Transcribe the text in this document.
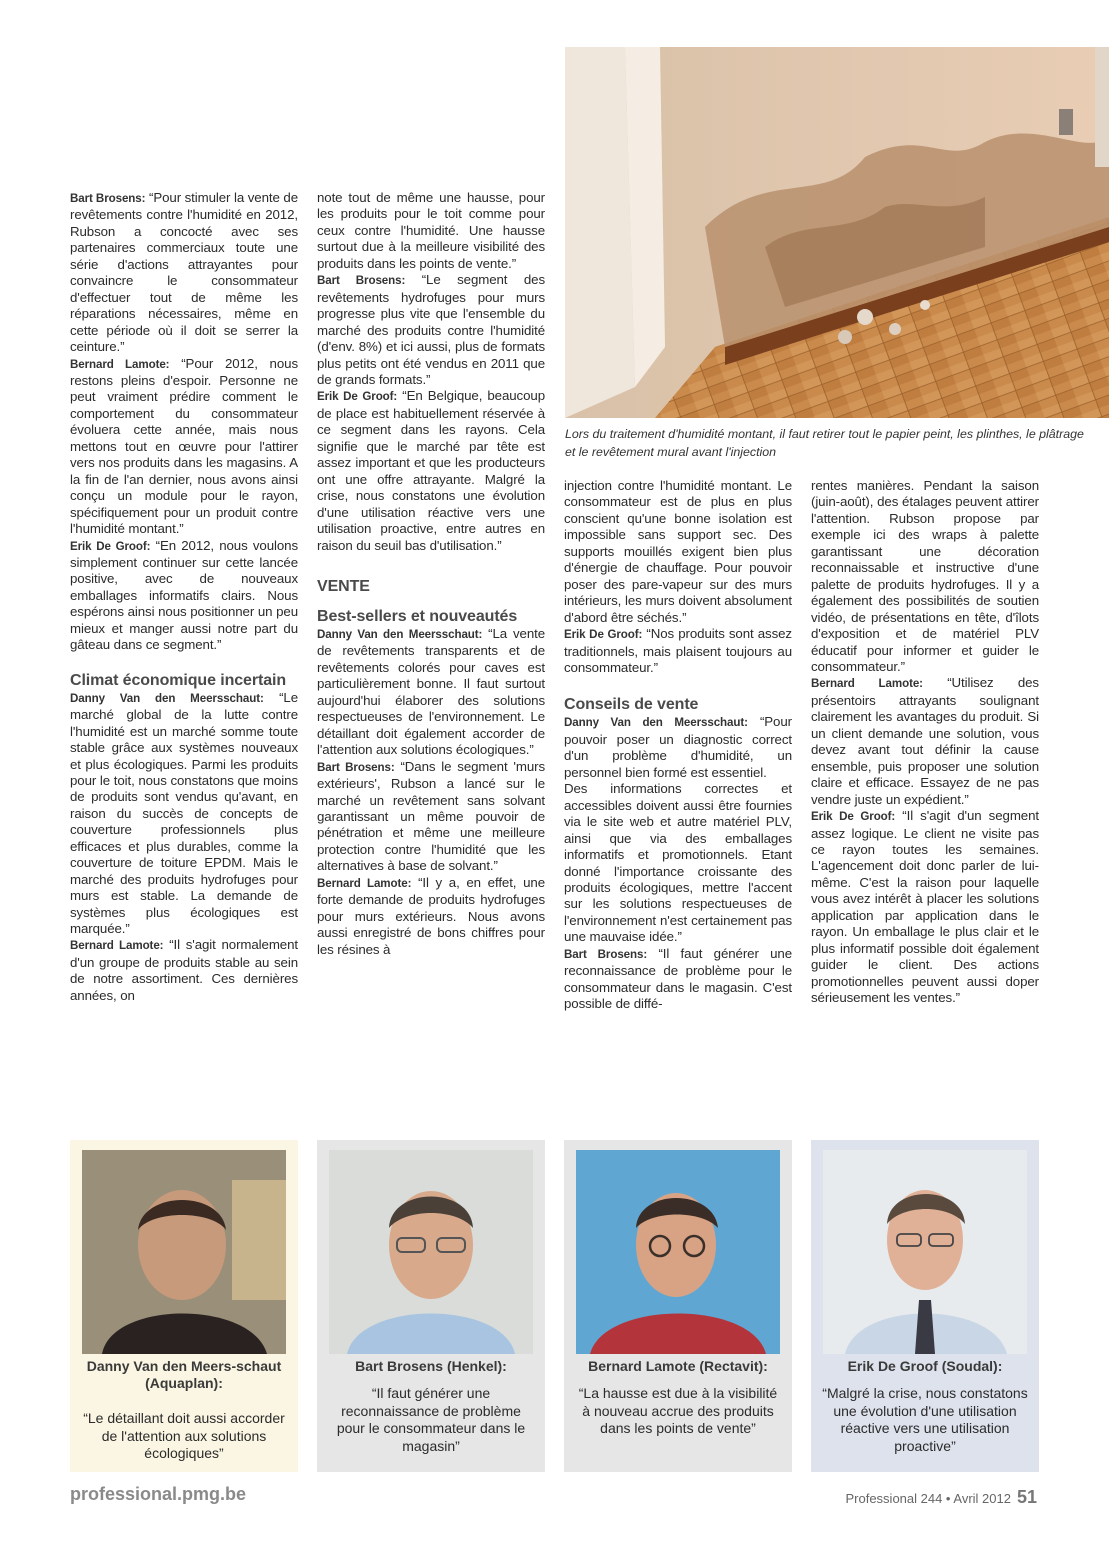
Bart Brosens: “Pour stimuler la vente de revêtements contre l'humidité en 2012, Rubson a concocté avec ses partenaires commerciaux toute une série d'actions attrayantes pour convaincre le consommateur d'effectuer tout de même les réparations nécessaires, même en cette période où il doit se serrer la ceinture.”

Bernard Lamote: “Pour 2012, nous restons pleins d'espoir. Personne ne peut vraiment prédire comment le comportement du consommateur évoluera cette année, mais nous mettons tout en œuvre pour l'attirer vers nos produits dans les magasins. A la fin de l'an dernier, nous avons ainsi conçu un module pour le rayon, spécifiquement pour un produit contre l'humidité montant.”

Erik De Groof: “En 2012, nous voulons simplement continuer sur cette lancée positive, avec de nouveaux emballages informatifs clairs. Nous espérons ainsi nous positionner un peu mieux et manger aussi notre part du gâteau dans ce segment.”

Climat économique incertain

Danny Van den Meersschaut: “Le marché global de la lutte contre l'humidité est un marché somme toute stable grâce aux systèmes nouveaux et plus écologiques. Parmi les produits pour le toit, nous constatons que moins de produits sont vendus qu'avant, en raison du succès de concepts de couverture professionnels plus efficaces et plus durables, comme la couverture de toiture EPDM. Mais le marché des produits hydrofuges pour murs est stable. La demande de systèmes plus écologiques est marquée.”

Bernard Lamote: “Il s'agit normalement d'un groupe de produits stable au sein de notre assortiment. Ces dernières années, on

note tout de même une hausse, pour les produits pour le toit comme pour ceux contre l'humidité. Une hausse surtout due à la meilleure visibilité des produits dans les points de vente.”

Bart Brosens: “Le segment des revêtements hydrofuges pour murs progresse plus vite que l'ensemble du marché des produits contre l'humidité (d'env. 8%) et ici aussi, plus de formats plus petits ont été vendus en 2011 que de grands formats.”

Erik De Groof: “En Belgique, beaucoup de place est habituellement réservée à ce segment dans les rayons. Cela signifie que le marché par tête est assez important et que les producteurs ont une offre attrayante. Malgré la crise, nous constatons une évolution d'une utilisation réactive vers une utilisation proactive, entre autres en raison du seuil bas d'utilisation.”

VENTE
Best-sellers et nouveautés

Danny Van den Meersschaut: “La vente de revêtements transparents et de revêtements colorés pour caves est particulièrement bonne. Il faut surtout aujourd'hui élaborer des solutions respectueuses de l'environnement. Le détaillant doit également accorder de l'attention aux solutions écologiques.”

Bart Brosens: “Dans le segment 'murs extérieurs', Rubson a lancé sur le marché un revêtement sans solvant garantissant un même pouvoir de pénétration et même une meilleure protection contre l'humidité que les alternatives à base de solvant.”

Bernard Lamote: “Il y a, en effet, une forte demande de produits hydrofuges pour murs extérieurs. Nous avons aussi enregistré de bons chiffres pour les résines à

Lors du traitement d'humidité montant, il faut retirer tout le papier peint, les plinthes, le plâtrage et le revêtement mural avant l'injection

injection contre l'humidité montant. Le consommateur est de plus en plus conscient qu'une bonne isolation est impossible sans support sec. Des supports mouillés exigent bien plus d'énergie de chauffage. Pour pouvoir poser des pare-vapeur sur des murs intérieurs, les murs doivent absolument d'abord être séchés.”

Erik De Groof: “Nos produits sont assez traditionnels, mais plaisent toujours au consommateur.”

Conseils de vente

Danny Van den Meersschaut: “Pour pouvoir poser un diagnostic correct d'un problème d'humidité, un personnel bien formé est essentiel.

Des informations correctes et accessibles doivent aussi être fournies via le site web et autre matériel PLV, ainsi que via des emballages informatifs et promotionnels. Etant donné l'importance croissante des produits écologiques, mettre l'accent sur les solutions respectueuses de l'environnement n'est certainement pas une mauvaise idée.”

Bart Brosens: “Il faut générer une reconnaissance de problème pour le consommateur dans le magasin. C'est possible de diffé-

rentes manières. Pendant la saison (juin-août), des étalages peuvent attirer l'attention. Rubson propose par exemple ici des wraps à palette garantissant une décoration reconnaissable et instructive d'une palette de produits hydrofuges. Il y a également des possibilités de soutien vidéo, de présentations en tête, d'îlots d'exposition et de matériel PLV éducatif pour informer et guider le consommateur.”

Bernard Lamote: “Utilisez des présentoirs attrayants soulignant clairement les avantages du produit. Si un client demande une solution, vous devez avant tout définir la cause ensemble, puis proposer une solution claire et efficace. Essayez de ne pas vendre juste un expédient.”

Erik De Groof: “Il s'agit d'un segment assez logique. Le client ne visite pas ce rayon toutes les semaines. L'agencement doit donc parler de lui-même. C'est la raison pour laquelle vous avez intérêt à placer les solutions application par application dans le rayon. Un emballage le plus clair et le plus informatif possible doit également guider le client. Des actions promotionnelles peuvent aussi doper sérieusement les ventes.”

Danny Van den Meers-schaut (Aquaplan):
“Le détaillant doit aussi accorder de l'attention aux solutions écologiques”
Bart Brosens (Henkel):
“Il faut générer une reconnaissance de problème pour le consommateur dans le magasin”
Bernard Lamote (Rectavit):
“La hausse est due à la visibilité à nouveau accrue des produits dans les points de vente”
Erik De Groof (Soudal):
“Malgré la crise, nous constatons une évolution d'une utilisation réactive vers une utilisation proactive”
professional.pmg.be	Professional 244 • Avril 2012 51
